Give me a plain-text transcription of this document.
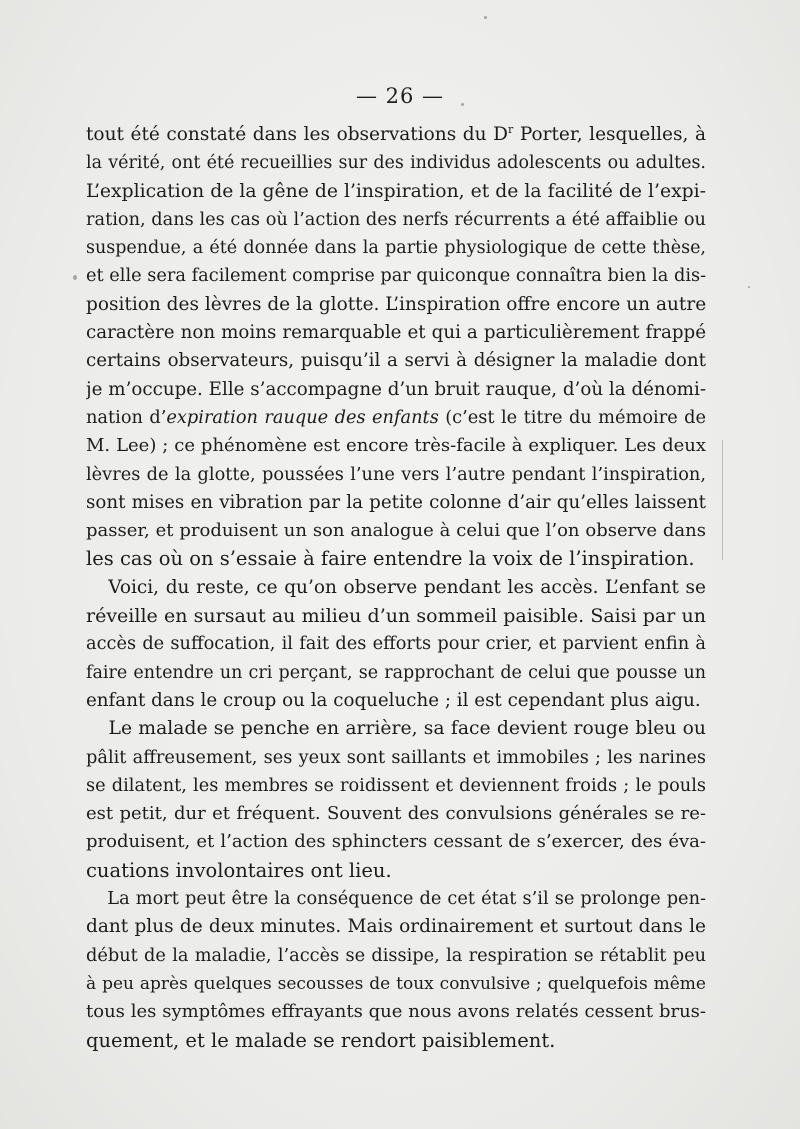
— 26 —
tout été constaté dans les observations du $D^r$ Porter, lesquelles, à
la vérité, ont été recueillies sur des individus adolescents ou adultes.
L’explication de la gêne de l’inspiration, et de la facilité de l’expi-
ration, dans les cas où l’action des nerfs récurrents a été affaiblie ou
suspendue, a été donnée dans la partie physiologique de cette thèse,
et elle sera facilement comprise par quiconque connaîtra bien la dis-
position des lèvres de la glotte. L’inspiration offre encore un autre
caractère non moins remarquable et qui a particulièrement frappé
certains observateurs, puisqu’il a servi à désigner la maladie dont
je m’occupe. Elle s’accompagne d’un bruit rauque, d’où la dénomi-
nation d’expiration rauque des enfants (c’est le titre du mémoire de
M. Lee) ; ce phénomène est encore très-facile à expliquer. Les deux
lèvres de la glotte, poussées l’une vers l’autre pendant l’inspiration,
sont mises en vibration par la petite colonne d’air qu’elles laissent
passer, et produisent un son analogue à celui que l’on observe dans
les cas où on s’essaie à faire entendre la voix de l’inspiration.
Voici, du reste, ce qu’on observe pendant les accès. L’enfant se
réveille en sursaut au milieu d’un sommeil paisible. Saisi par un
accès de suffocation, il fait des efforts pour crier, et parvient enfin à
faire entendre un cri perçant, se rapprochant de celui que pousse un
enfant dans le croup ou la coqueluche ; il est cependant plus aigu.
Le malade se penche en arrière, sa face devient rouge bleu ou
pâlit affreusement, ses yeux sont saillants et immobiles ; les narines
se dilatent, les membres se roidissent et deviennent froids ; le pouls
est petit, dur et fréquent. Souvent des convulsions générales se re-
produisent, et l’action des sphincters cessant de s’exercer, des éva-
cuations involontaires ont lieu.
La mort peut être la conséquence de cet état s’il se prolonge pen-
dant plus de deux minutes. Mais ordinairement et surtout dans le
début de la maladie, l’accès se dissipe, la respiration se rétablit peu
à peu après quelques secousses de toux convulsive ; quelquefois même
tous les symptômes effrayants que nous avons relatés cessent brus-
quement, et le malade se rendort paisiblement.
